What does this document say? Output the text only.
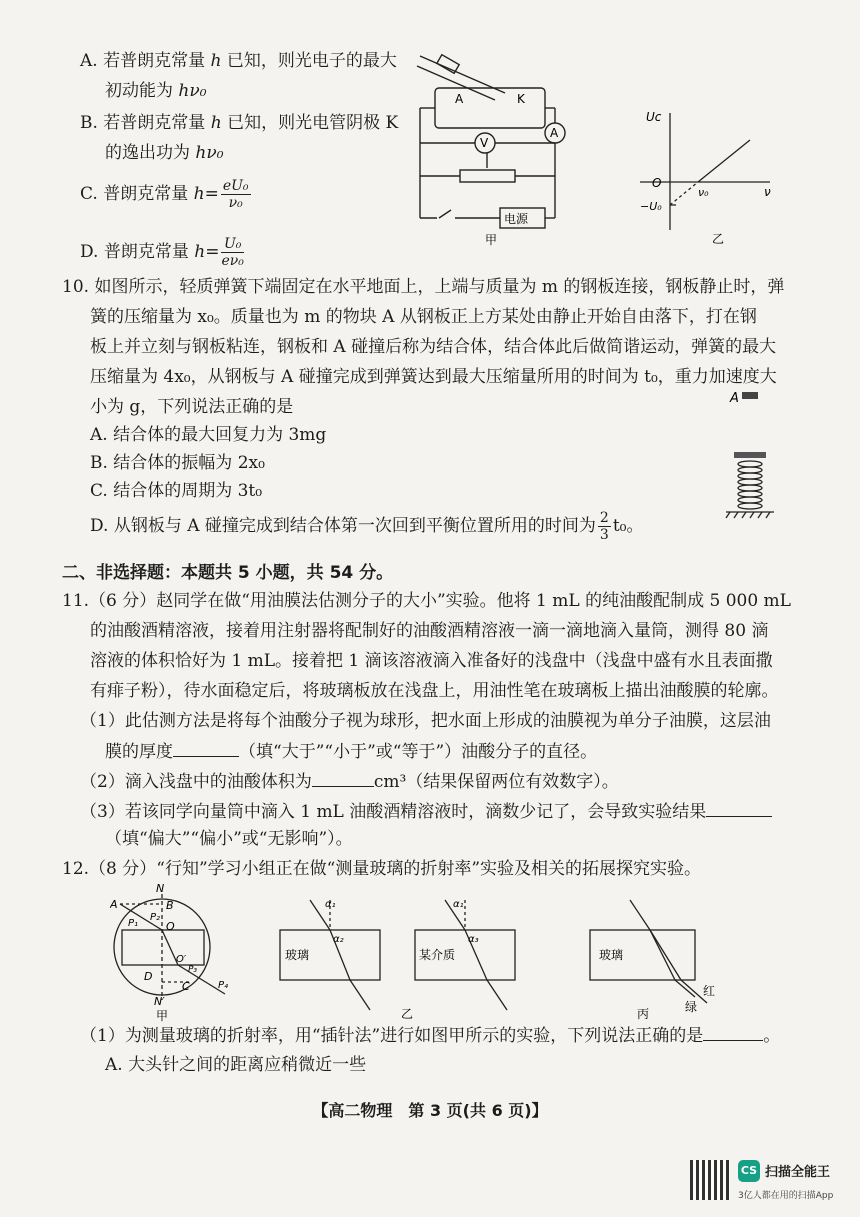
A. 若普朗克常量 h 已知，则光电子的最大
初动能为 hν₀
B. 若普朗克常量 h 已知，则光电管阴极 K
的逸出功为 hν₀
C. 普朗克常量 $h= \frac{\text{eU₀}}{\text{ν₀}}$
D. 普朗克常量 $h= \frac{\text{U₀}}{\text{eν₀}}$
A	K
A
V
电源
甲
Uc
O
ν
ν₀
−U₀
乙
10. 如图所示，轻质弹簧下端固定在水平地面上，上端与质量为 m 的钢板连接，钢板静止时，弹
簧的压缩量为 x₀。质量也为 m 的物块 A 从钢板正上方某处由静止开始自由落下，打在钢
板上并立刻与钢板粘连，钢板和 A 碰撞后称为结合体，结合体此后做简谐运动，弹簧的最大
压缩量为 4x₀，从钢板与 A 碰撞完成到弹簧达到最大压缩量所用的时间为 t₀，重力加速度大
小为 g，下列说法正确的是
A. 结合体的最大回复力为 3mg
B. 结合体的振幅为 2x₀
C. 结合体的周期为 3t₀
D. 从钢板与 A 碰撞完成到结合体第一次回到平衡位置所用的时间为 $\frac{2}{3} t_0$。
A
二、非选择题：本题共 5 小题，共 54 分。
11.（6 分）赵同学在做“用油膜法估测分子的大小”实验。他将 1 mL 的纯油酸配制成 5 000 mL
的油酸酒精溶液，接着用注射器将配制好的油酸酒精溶液一滴一滴地滴入量筒，测得 80 滴
溶液的体积恰好为 1 mL。接着把 1 滴该溶液滴入准备好的浅盘中（浅盘中盛有水且表面撒
有痱子粉），待水面稳定后，将玻璃板放在浅盘上，用油性笔在玻璃板上描出油酸膜的轮廓。
（1）此估测方法是将每个油酸分子视为球形，把水面上形成的油膜视为单分子油膜，这层油
膜的厚度	（填“大于”“小于”或“等于”）油酸分子的直径。
（2）滴入浅盘中的油酸体积为	cm³（结果保留两位有效数字）。
（3）若该同学向量筒中滴入 1 mL 油酸酒精溶液时，滴数少记了，会导致实验结果
（填“偏大”“偏小”或“无影响”）。
12.（8 分）“行知”学习小组正在做“测量玻璃的折射率”实验及相关的拓展探究实验。
N
A	B
P₁
P₂
O
O′
P₃
D
C	P₄
N′
甲
玻璃	某介质
α₁
α₂
α₁
α₃
乙
玻璃
红
绿
丙
（1）为测量玻璃的折射率，用“插针法”进行如图甲所示的实验，下列说法正确的是	。
A. 大头针之间的距离应稍微近一些
【高二物理　第 3 页(共 6 页)】
CS 扫描全能王
3亿人都在用的扫描App
